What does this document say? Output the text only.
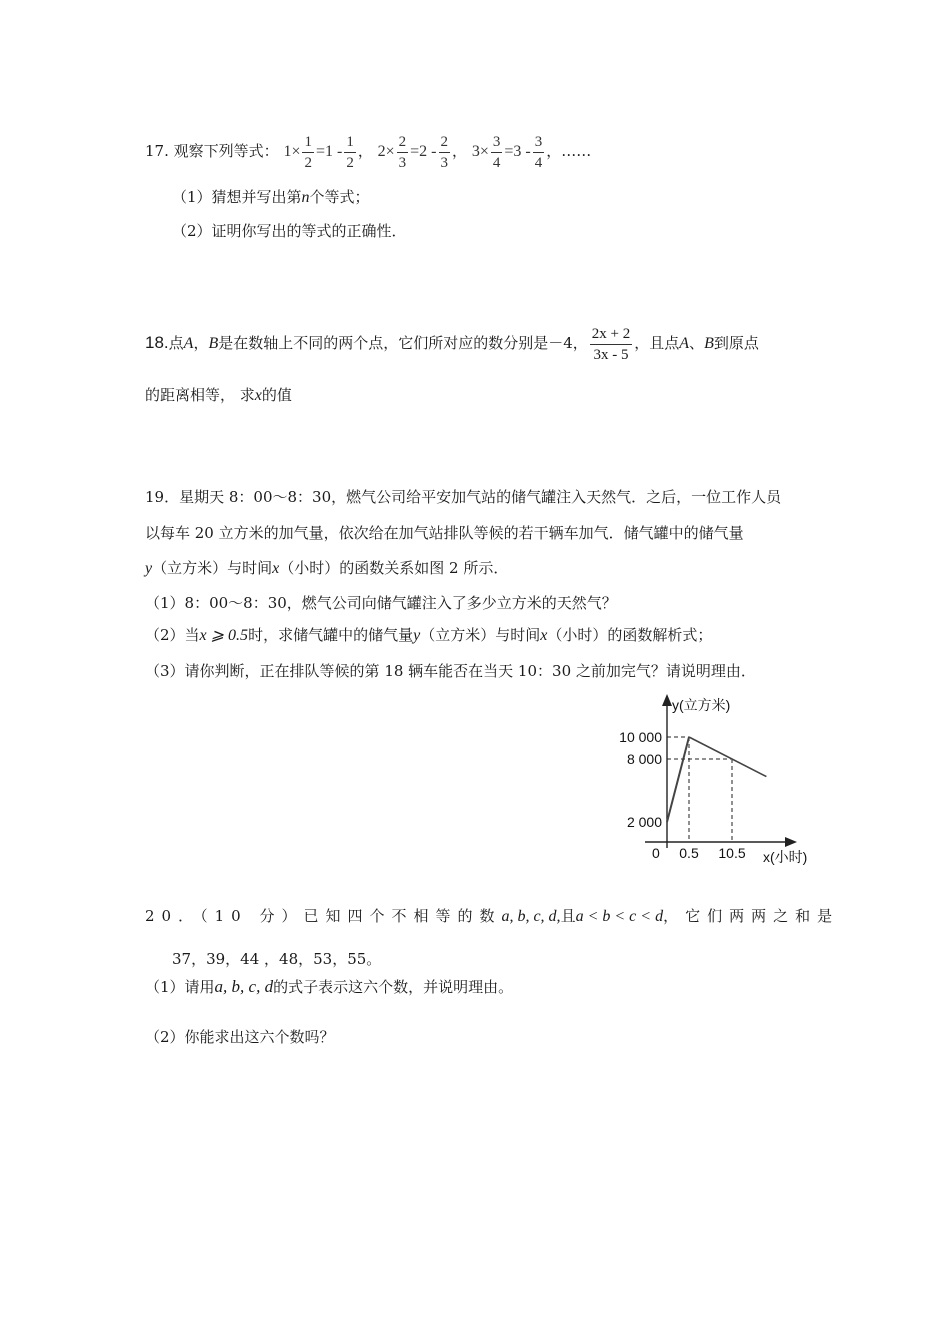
17. 观察下列等式： $1\times \frac{1}{2} =1 - \frac{1}{2}$ ， $2\times \frac{2}{3} =2 - \frac{2}{3}$ ， $3\times \frac{3}{4} =3 - \frac{3}{4}$ ，……
（1）猜想并写出第n个等式；
（2）证明你写出的等式的正确性．
18.点A，B是在数轴上不同的两个点，它们所对应的数分别是－4， $\frac{2x + 2}{3x - 5}$ ，且点A、B到原点
的距离相等， 求x的值
19．星期天 8：00～8：30，燃气公司给平安加气站的储气罐注入天然气．之后，一位工作人员
以每车 20 立方米的加气量，依次给在加气站排队等候的若干辆车加气．储气罐中的储气量
y（立方米）与时间x（小时）的函数关系如图 2 所示．
（1）8：00～8：30，燃气公司向储气罐注入了多少立方米的天然气？
（2）当x ⩾ 0.5时，求储气罐中的储气量y（立方米）与时间x（小时）的函数解析式；
（3）请你判断，正在排队等候的第 18 辆车能否在当天 10：30 之前加完气？请说明理由．
y(立方米)
x(小时)
0
2 000
8 000
10 000
0.5 10.5
20．（10 分）已知四个不相等的数a, b, c, d,且a < b < c < d，它们两两之和是
37，39，44 ，48，53，55。
（1）请用a, b, c, d的式子表示这六个数，并说明理由。
（2）你能求出这六个数吗？
